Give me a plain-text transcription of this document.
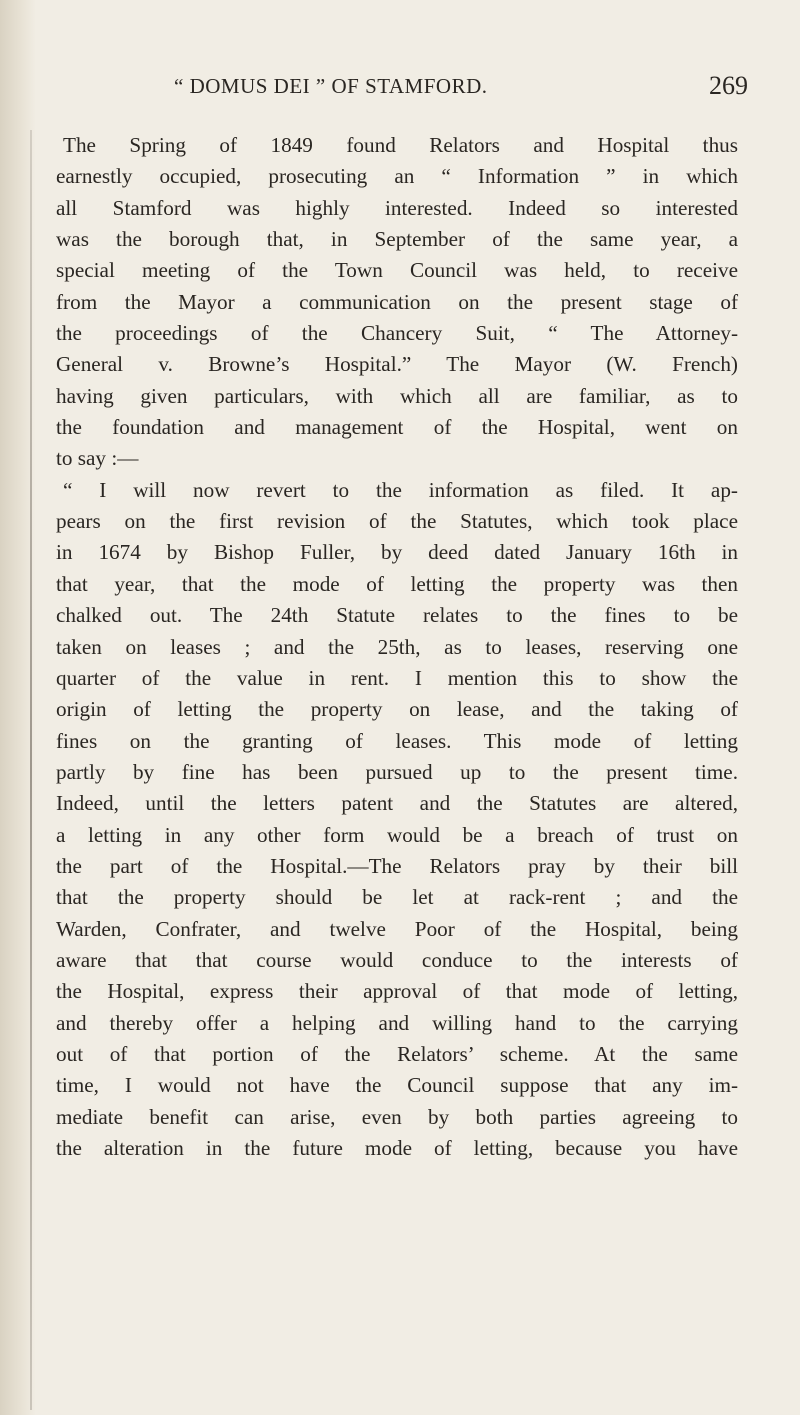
“ DOMUS DEI ” OF STAMFORD.	269
The Spring of 1849 found Relators and Hospital thus
earnestly occupied, prosecuting an “ Information ” in which
all Stamford was highly interested. Indeed so interested
was the borough that, in September of the same year, a
special meeting of the Town Council was held, to receive
from the Mayor a communication on the present stage of
the proceedings of the Chancery Suit, “ The Attorney-
General v. Browne’s Hospital.” The Mayor (W. French)
having given particulars, with which all are familiar, as to
the foundation and management of the Hospital, went on
to say :—
“ I will now revert to the information as filed. It ap-
pears on the first revision of the Statutes, which took place
in 1674 by Bishop Fuller, by deed dated January 16th in
that year, that the mode of letting the property was then
chalked out. The 24th Statute relates to the fines to be
taken on leases ; and the 25th, as to leases, reserving one
quarter of the value in rent. I mention this to show the
origin of letting the property on lease, and the taking of
fines on the granting of leases. This mode of letting
partly by fine has been pursued up to the present time.
Indeed, until the letters patent and the Statutes are altered,
a letting in any other form would be a breach of trust on
the part of the Hospital.—The Relators pray by their bill
that the property should be let at rack-rent ; and the
Warden, Confrater, and twelve Poor of the Hospital, being
aware that that course would conduce to the interests of
the Hospital, express their approval of that mode of letting,
and thereby offer a helping and willing hand to the carrying
out of that portion of the Relators’ scheme. At the same
time, I would not have the Council suppose that any im-
mediate benefit can arise, even by both parties agreeing to
the alteration in the future mode of letting, because you have
